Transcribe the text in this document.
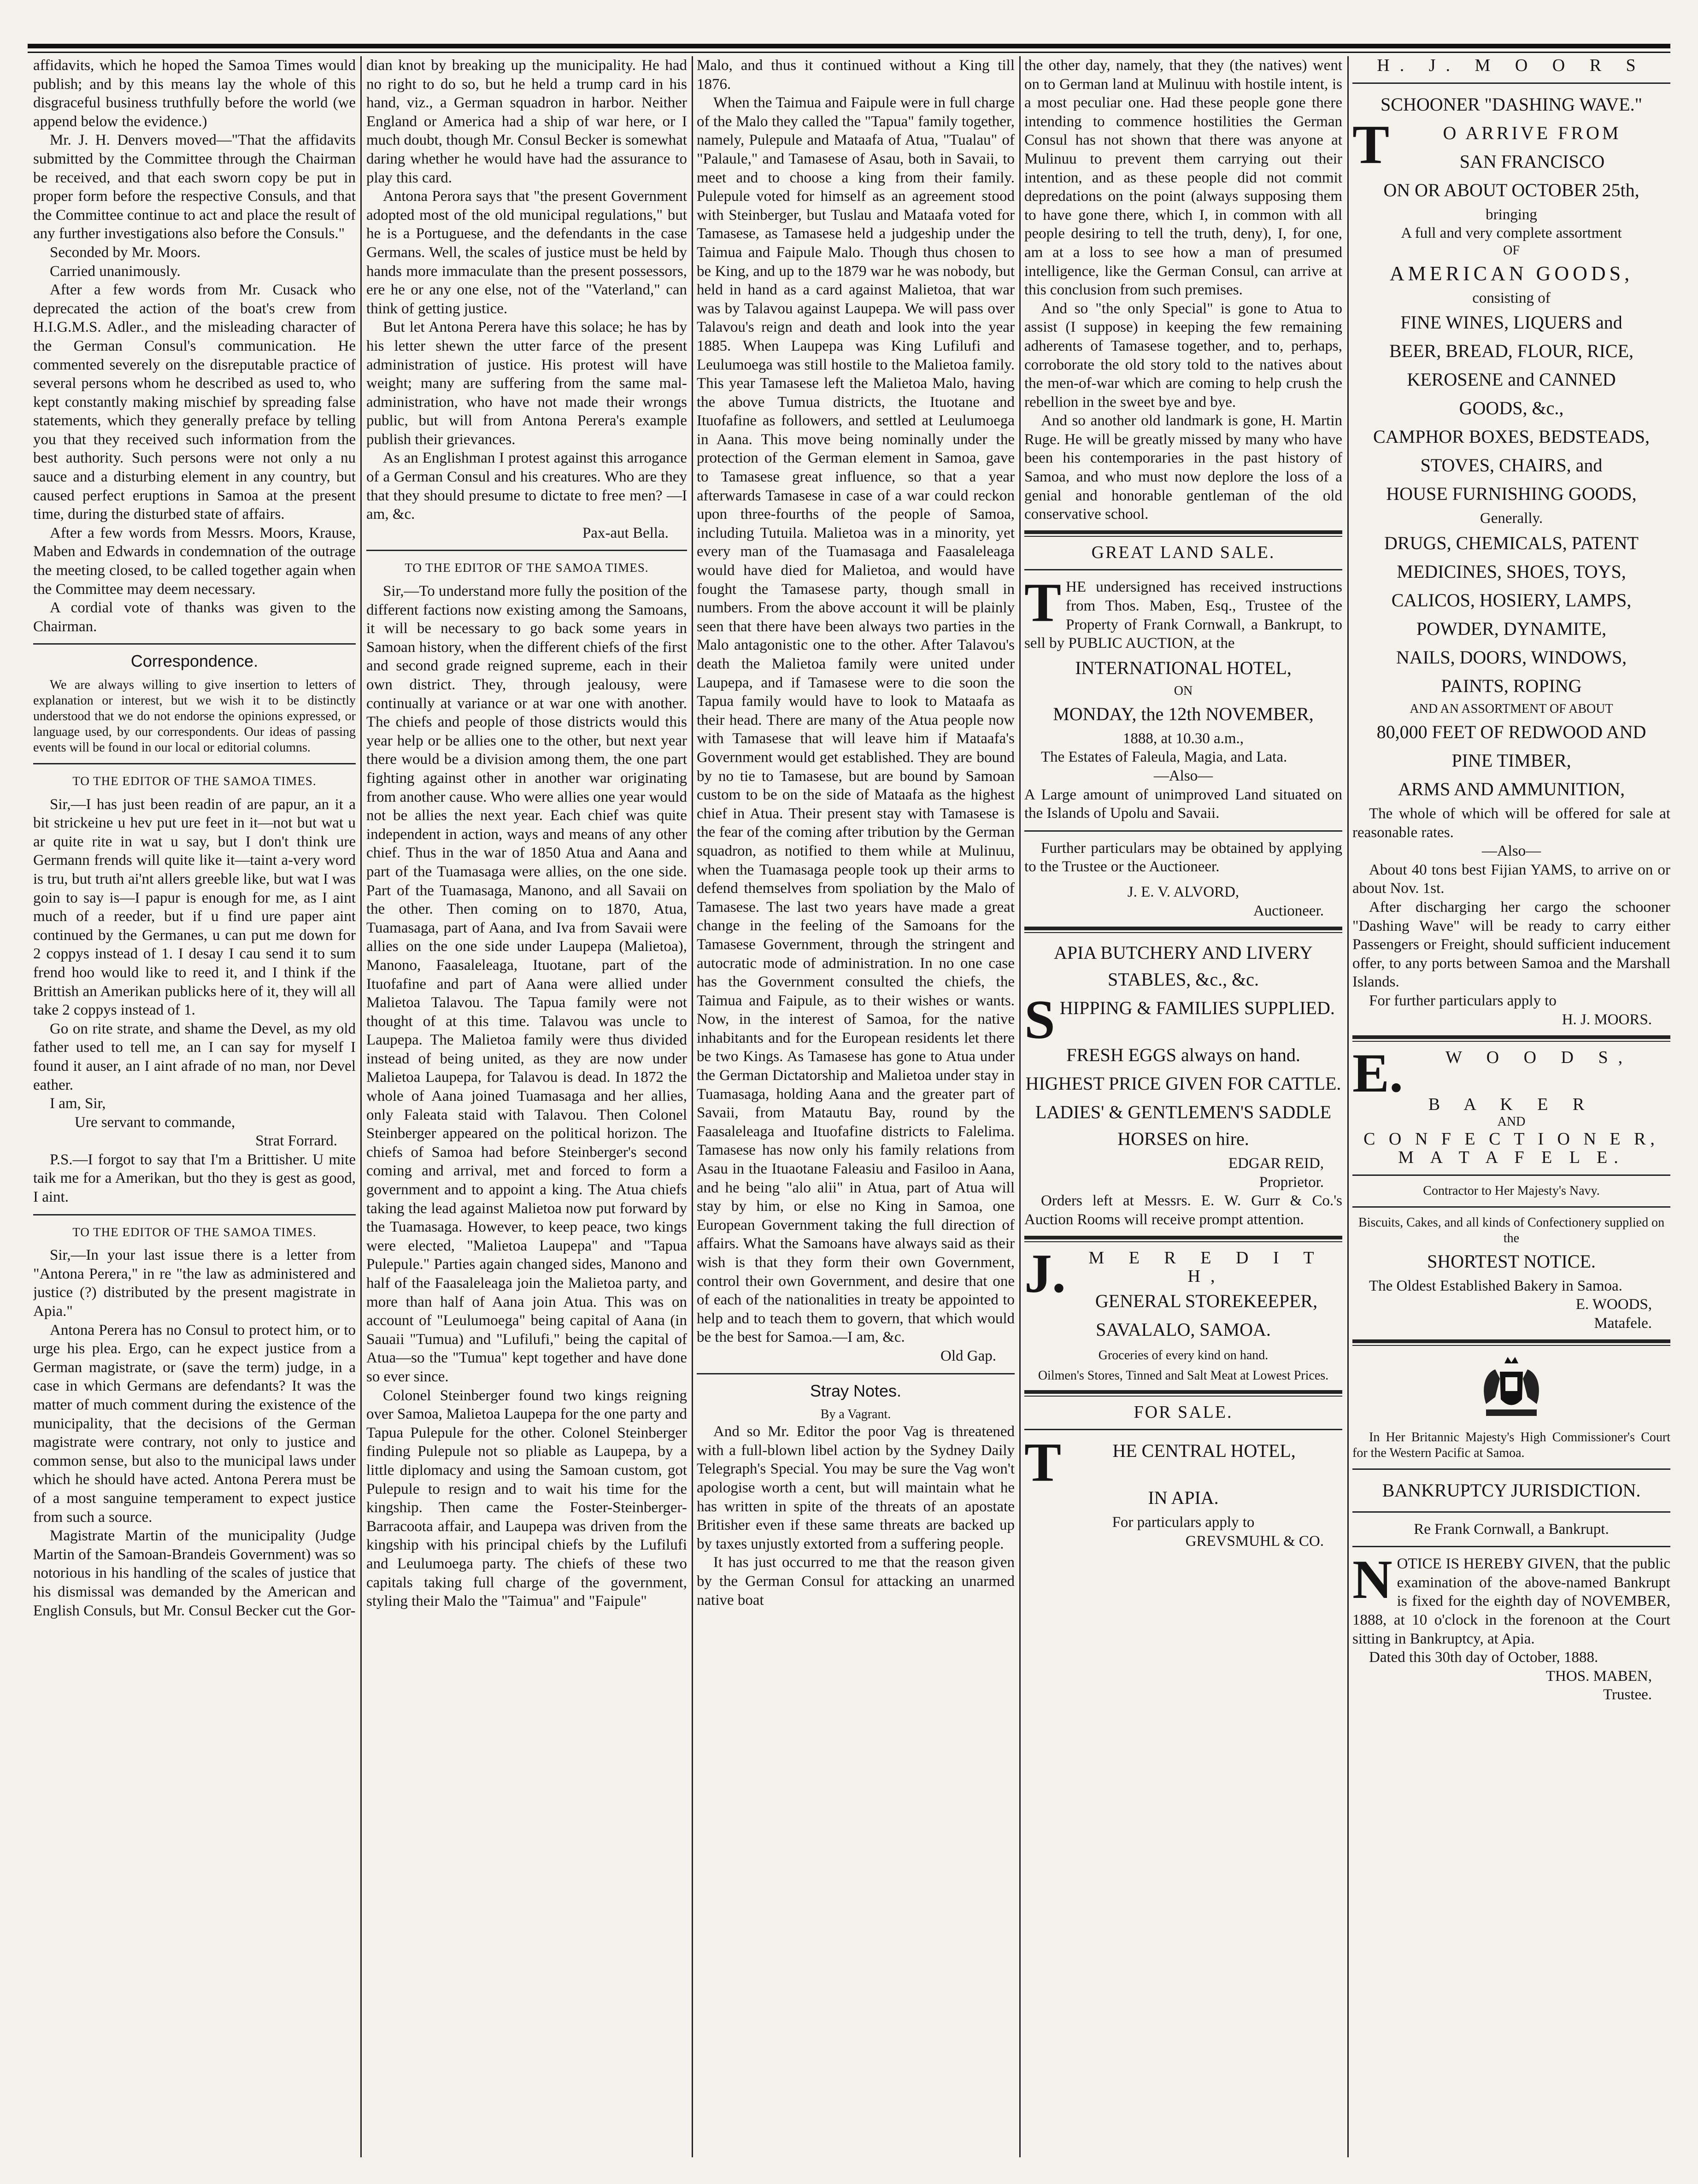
affidavits, which he hoped the Samoa Times would publish; and by this means lay the whole of this disgraceful business truthfully before the world (we append below the evidence.)

Mr. J. H. Denvers moved—"That the affidavits submitted by the Committee through the Chairman be received, and that each sworn copy be put in proper form before the respective Consuls, and that the Committee continue to act and place the result of any further investigations also before the Consuls."

Seconded by Mr. Moors.

Carried unanimously.

After a few words from Mr. Cusack who deprecated the action of the boat's crew from H.I.G.M.S. Adler., and the misleading character of the German Consul's communication. He commented severely on the disreputable practice of several persons whom he described as used to, who kept constantly making mischief by spreading false statements, which they generally preface by telling you that they received such information from the best authority. Such persons were not only a nu sauce and a disturbing element in any country, but caused perfect eruptions in Samoa at the present time, during the disturbed state of affairs.

After a few words from Messrs. Moors, Krause, Maben and Edwards in condemnation of the outrage the meeting closed, to be called together again when the Committee may deem necessary.

A cordial vote of thanks was given to the Chairman.

Correspondence.

We are always willing to give insertion to letters of explanation or interest, but we wish it to be distinctly understood that we do not endorse the opinions expressed, or language used, by our correspondents. Our ideas of passing events will be found in our local or editorial columns.

TO THE EDITOR OF THE SAMOA TIMES.

Sir,—I has just been readin of are papur, an it a bit strickeine u hev put ure feet in it—not but wat u ar quite rite in wat u say, but I don't think ure Germann frends will quite like it—taint a-very word is tru, but truth ai'nt allers greeble like, but wat I was goin to say is—I papur is enough for me, as I aint much of a reeder, but if u find ure paper aint continued by the Germanes, u can put me down for 2 coppys instead of 1. I desay I cau send it to sum frend hoo would like to reed it, and I think if the Brittish an Amerikan publicks here of it, they will all take 2 coppys instead of 1.

Go on rite strate, and shame the Devel, as my old father used to tell me, an I can say for myself I found it auser, an I aint afrade of no man, nor Devel eather.

I am, Sir,

Ure servant to commande,

Strat Forrard.

P.S.—I forgot to say that I'm a Brittisher. U mite taik me for a Amerikan, but tho they is gest as good, I aint.

TO THE EDITOR OF THE SAMOA TIMES.

Sir,—In your last issue there is a letter from "Antona Perera," in re "the law as administered and justice (?) distributed by the present magistrate in Apia."

Antona Perera has no Consul to protect him, or to urge his plea. Ergo, can he expect justice from a German magistrate, or (save the term) judge, in a case in which Germans are defendants? It was the matter of much comment during the existence of the municipality, that the decisions of the German magistrate were contrary, not only to justice and common sense, but also to the municipal laws under which he should have acted. Antona Perera must be of a most sanguine temperament to expect justice from such a source.

Magistrate Martin of the municipality (Judge Martin of the Samoan-Brandeis Government) was so notorious in his handling of the scales of justice that his dismissal was demanded by the American and English Consuls, but Mr. Consul Becker cut the Gor-

dian knot by breaking up the municipality. He had no right to do so, but he held a trump card in his hand, viz., a German squadron in harbor. Neither England or America had a ship of war here, or I much doubt, though Mr. Consul Becker is somewhat daring whether he would have had the assurance to play this card.

Antona Perora says that "the present Government adopted most of the old municipal regulations," but he is a Portuguese, and the defendants in the case Germans. Well, the scales of justice must be held by hands more immaculate than the present possessors, ere he or any one else, not of the "Vaterland," can think of getting justice.

But let Antona Perera have this solace; he has by his letter shewn the utter farce of the present administration of justice. His protest will have weight; many are suffering from the same mal-administration, who have not made their wrongs public, but will from Antona Perera's example publish their grievances.

As an Englishman I protest against this arrogance of a German Consul and his creatures. Who are they that they should presume to dictate to free men? —I am, &c.

Pax-aut Bella.

TO THE EDITOR OF THE SAMOA TIMES.

Sir,—To understand more fully the position of the different factions now existing among the Samoans, it will be necessary to go back some years in Samoan history, when the different chiefs of the first and second grade reigned supreme, each in their own district. They, through jealousy, were continually at variance or at war one with another. The chiefs and people of those districts would this year help or be allies one to the other, but next year there would be a division among them, the one part fighting against other in another war originating from another cause. Who were allies one year would not be allies the next year. Each chief was quite independent in action, ways and means of any other chief. Thus in the war of 1850 Atua and Aana and part of the Tuamasaga were allies, on the one side. Part of the Tuamasaga, Manono, and all Savaii on the other. Then coming on to 1870, Atua, Tuamasaga, part of Aana, and Iva from Savaii were allies on the one side under Laupepa (Malietoa), Manono, Faasaleleaga, Ituotane, part of the Ituofafine and part of Aana were allied under Malietoa Talavou. The Tapua family were not thought of at this time. Talavou was uncle to Laupepa. The Malietoa family were thus divided instead of being united, as they are now under Malietoa Laupepa, for Talavou is dead. In 1872 the whole of Aana joined Tuamasaga and her allies, only Faleata staid with Talavou. Then Colonel Steinberger appeared on the political horizon. The chiefs of Samoa had before Steinberger's second coming and arrival, met and forced to form a government and to appoint a king. The Atua chiefs taking the lead against Malietoa now put forward by the Tuamasaga. However, to keep peace, two kings were elected, "Malietoa Laupepa" and "Tapua Pulepule." Parties again changed sides, Manono and half of the Faasaleleaga join the Malietoa party, and more than half of Aana join Atua. This was on account of "Leulumoega" being capital of Aana (in Sauaii "Tumua) and "Lufilufi," being the capital of Atua—so the "Tumua" kept together and have done so ever since.

Colonel Steinberger found two kings reigning over Samoa, Malietoa Laupepa for the one party and Tapua Pulepule for the other. Colonel Steinberger finding Pulepule not so pliable as Laupepa, by a little diplomacy and using the Samoan custom, got Pulepule to resign and to wait his time for the kingship. Then came the Foster-Steinberger-Barracoota affair, and Laupepa was driven from the kingship with his principal chiefs by the Lufilufi and Leulumoega party. The chiefs of these two capitals taking full charge of the government, styling their Malo the "Taimua" and "Faipule"

Malo, and thus it continued without a King till 1876.

When the Taimua and Faipule were in full charge of the Malo they called the "Tapua" family together, namely, Pulepule and Mataafa of Atua, "Tualau" of "Palaule," and Tamasese of Asau, both in Savaii, to meet and to choose a king from their family. Pulepule voted for himself as an agreement stood with Steinberger, but Tuslau and Mataafa voted for Tamasese, as Tamasese held a judgeship under the Taimua and Faipule Malo. Though thus chosen to be King, and up to the 1879 war he was nobody, but held in hand as a card against Malietoa, that war was by Talavou against Laupepa. We will pass over Talavou's reign and death and look into the year 1885. When Laupepa was King Lufilufi and Leulumoega was still hostile to the Malietoa family. This year Tamasese left the Malietoa Malo, having the above Tumua districts, the Ituotane and Ituofafine as followers, and settled at Leulumoega in Aana. This move being nominally under the protection of the German element in Samoa, gave to Tamasese great influence, so that a year afterwards Tamasese in case of a war could reckon upon three-fourths of the people of Samoa, including Tutuila. Malietoa was in a minority, yet every man of the Tuamasaga and Faasaleleaga would have died for Malietoa, and would have fought the Tamasese party, though small in numbers. From the above account it will be plainly seen that there have been always two parties in the Malo antagonistic one to the other. After Talavou's death the Malietoa family were united under Laupepa, and if Tamasese were to die soon the Tapua family would have to look to Mataafa as their head. There are many of the Atua people now with Tamasese that will leave him if Mataafa's Government would get established. They are bound by no tie to Tamasese, but are bound by Samoan custom to be on the side of Mataafa as the highest chief in Atua. Their present stay with Tamasese is the fear of the coming after tribution by the German squadron, as notified to them while at Mulinuu, when the Tuamasaga people took up their arms to defend themselves from spoliation by the Malo of Tamasese. The last two years have made a great change in the feeling of the Samoans for the Tamasese Government, through the stringent and autocratic mode of administration. In no one case has the Government consulted the chiefs, the Taimua and Faipule, as to their wishes or wants. Now, in the interest of Samoa, for the native inhabitants and for the European residents let there be two Kings. As Tamasese has gone to Atua under the German Dictatorship and Malietoa under stay in Tuamasaga, holding Aana and the greater part of Savaii, from Matautu Bay, round by the Faasaleleaga and Ituofafine districts to Falelima. Tamasese has now only his family relations from Asau in the Ituaotane Faleasiu and Fasiloo in Aana, and he being "alo alii" in Atua, part of Atua will stay by him, or else no King in Samoa, one European Government taking the full direction of affairs. What the Samoans have always said as their wish is that they form their own Government, control their own Government, and desire that one of each of the nationalities in treaty be appointed to help and to teach them to govern, that which would be the best for Samoa.—I am, &c.

Old Gap.

Stray Notes.

By a Vagrant.

And so Mr. Editor the poor Vag is threatened with a full-blown libel action by the Sydney Daily Telegraph's Special. You may be sure the Vag won't apologise worth a cent, but will maintain what he has written in spite of the threats of an apostate Britisher even if these same threats are backed up by taxes unjustly extorted from a suffering people.

It has just occurred to me that the reason given by the German Consul for attacking an unarmed native boat

the other day, namely, that they (the natives) went on to German land at Mulinuu with hostile intent, is a most peculiar one. Had these people gone there intending to commence hostilities the German Consul has not shown that there was anyone at Mulinuu to prevent them carrying out their intention, and as these people did not commit depredations on the point (always supposing them to have gone there, which I, in common with all people desiring to tell the truth, deny), I, for one, am at a loss to see how a man of presumed intelligence, like the German Consul, can arrive at this conclusion from such premises.

And so "the only Special" is gone to Atua to assist (I suppose) in keeping the few remaining adherents of Tamasese together, and to, perhaps, corroborate the old story told to the natives about the men-of-war which are coming to help crush the rebellion in the sweet bye and bye.

And so another old landmark is gone, H. Martin Ruge. He will be greatly missed by many who have been his contemporaries in the past history of Samoa, and who must now deplore the loss of a genial and honorable gentleman of the old conservative school.

GREAT LAND SALE.

THE undersigned has received instructions from Thos. Maben, Esq., Trustee of the Property of Frank Cornwall, a Bankrupt, to sell by PUBLIC AUCTION, at the

INTERNATIONAL HOTEL,
ON
MONDAY, the 12th NOVEMBER,
1888, at 10.30 a.m.,

The Estates of Faleula, Magia, and Lata.

—Also—

A Large amount of unimproved Land situated on the Islands of Upolu and Savaii.

Further particulars may be obtained by applying to the Trustee or the Auctioneer.

J. E. V. ALVORD,
Auctioneer.
APIA BUTCHERY AND LIVERY STABLES, &c., &c.

S HIPPING & FAMILIES SUPPLIED.

FRESH EGGS always on hand.
HIGHEST PRICE GIVEN FOR CATTLE.
LADIES' & GENTLEMEN'S SADDLE HORSES on hire.
EDGAR REID,
Proprietor.

Orders left at Messrs. E. W. Gurr & Co.'s Auction Rooms will receive prompt attention.

J.	M E R E D I T H,

GENERAL STOREKEEPER,
SAVALALO, SAMOA.
Groceries of every kind on hand.
Oilmen's Stores, Tinned and Salt Meat at Lowest Prices.
FOR SALE.

T	HE CENTRAL HOTEL,

IN APIA.
For particulars apply to
GREVSMUHL & CO.
H. J. M O O R S
SCHOONER "DASHING WAVE."

T	O ARRIVE FROM

SAN FRANCISCO
ON OR ABOUT OCTOBER 25th,
bringing
A full and very complete assortment
OF
AMERICAN GOODS,
consisting of
FINE WINES, LIQUERS and
BEER, BREAD, FLOUR, RICE,
KEROSENE and CANNED
GOODS, &c.,
CAMPHOR BOXES, BEDSTEADS,
STOVES, CHAIRS, and
HOUSE FURNISHING GOODS,
Generally.
DRUGS, CHEMICALS, PATENT
MEDICINES, SHOES, TOYS,
CALICOS, HOSIERY, LAMPS,
POWDER, DYNAMITE,
NAILS, DOORS, WINDOWS,
PAINTS, ROPING
AND AN ASSORTMENT OF ABOUT
80,000 FEET OF REDWOOD AND
PINE TIMBER,
ARMS AND AMMUNITION,

The whole of which will be offered for sale at reasonable rates.

—Also—

About 40 tons best Fijian YAMS, to arrive on or about Nov. 1st.

After discharging her cargo the schooner "Dashing Wave" will be ready to carry either Passengers or Freight, should sufficient inducement offer, to any ports between Samoa and the Marshall Islands.

For further particulars apply to

H. J. MOORS.

E.	W O O D S,

B A K E R
AND
C O N F E C T I O N E R,
M A T A F E L E.
Contractor to Her Majesty's Navy.
Biscuits, Cakes, and all kinds of Confectionery supplied on the
SHORTEST NOTICE.

The Oldest Established Bakery in Samoa.

E. WOODS,
Matafele.

In Her Britannic Majesty's High Commissioner's Court for the Western Pacific at Samoa.

BANKRUPTCY JURISDICTION.
Re Frank Cornwall, a Bankrupt.

NOTICE IS HEREBY GIVEN, that the public examination of the above-named Bankrupt is fixed for the eighth day of NOVEMBER, 1888, at 10 o'clock in the forenoon at the Court sitting in Bankruptcy, at Apia.

Dated this 30th day of October, 1888.

THOS. MABEN,
Trustee.
